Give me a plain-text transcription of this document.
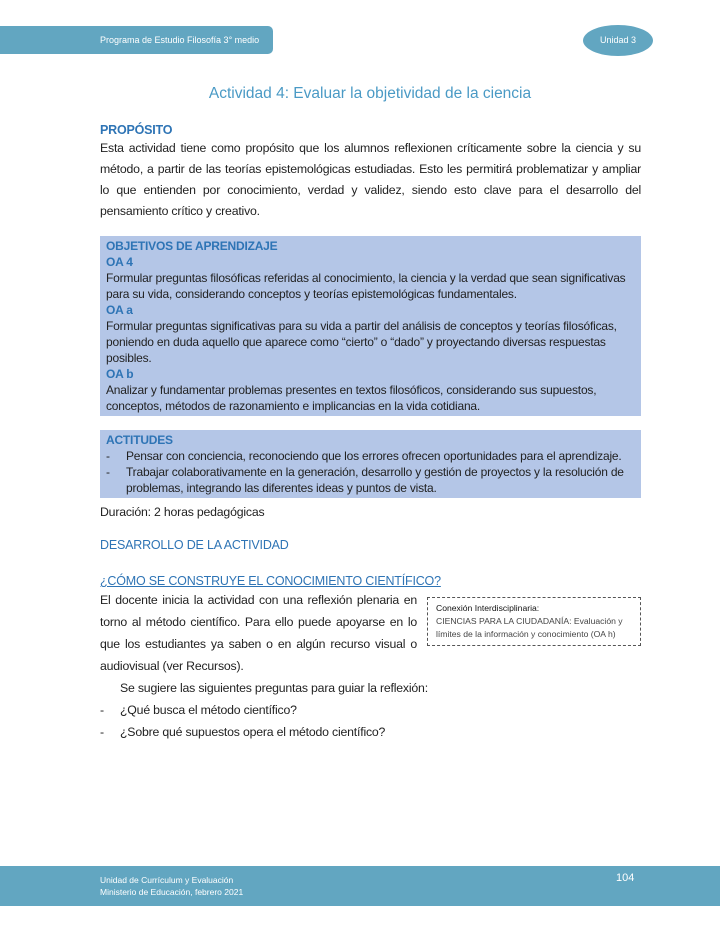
Programa de Estudio Filosofía 3° medio	Unidad 3
Actividad 4: Evaluar la objetividad de la ciencia
PROPÓSITO
Esta actividad tiene como propósito que los alumnos reflexionen críticamente sobre la ciencia y su método, a partir de las teorías epistemológicas estudiadas. Esto les permitirá problematizar y ampliar lo que entienden por conocimiento, verdad y validez, siendo esto clave para el desarrollo del pensamiento crítico y creativo.
OBJETIVOS DE APRENDIZAJE
OA 4
Formular preguntas filosóficas referidas al conocimiento, la ciencia y la verdad que sean significativas para su vida, considerando conceptos y teorías epistemológicas fundamentales.
OA a
Formular preguntas significativas para su vida a partir del análisis de conceptos y teorías filosóficas, poniendo en duda aquello que aparece como “cierto” o “dado” y proyectando diversas respuestas posibles.
OA b
Analizar y fundamentar problemas presentes en textos filosóficos, considerando sus supuestos, conceptos, métodos de razonamiento e implicancias en la vida cotidiana.
ACTITUDES
-	Pensar con conciencia, reconociendo que los errores ofrecen oportunidades para el aprendizaje.
-	Trabajar colaborativamente en la generación, desarrollo y gestión de proyectos y la resolución de problemas, integrando las diferentes ideas y puntos de vista.
Duración: 2 horas pedagógicas
DESARROLLO DE LA ACTIVIDAD
¿CÓMO SE CONSTRUYE EL CONOCIMIENTO CIENTÍFICO?
El docente inicia la actividad con una reflexión plenaria en torno al método científico. Para ello puede apoyarse en lo que los estudiantes ya saben o en algún recurso visual o audiovisual (ver Recursos).
Conexión Interdisciplinaria:
CIENCIAS PARA LA CIUDADANÍA: Evaluación y límites de la información y conocimiento (OA h)
Se sugiere las siguientes preguntas para guiar la reflexión:
-	¿Qué busca el método científico?
-	¿Sobre qué supuestos opera el método científico?
Unidad de Currículum y Evaluación
Ministerio de Educación, febrero 2021
104
